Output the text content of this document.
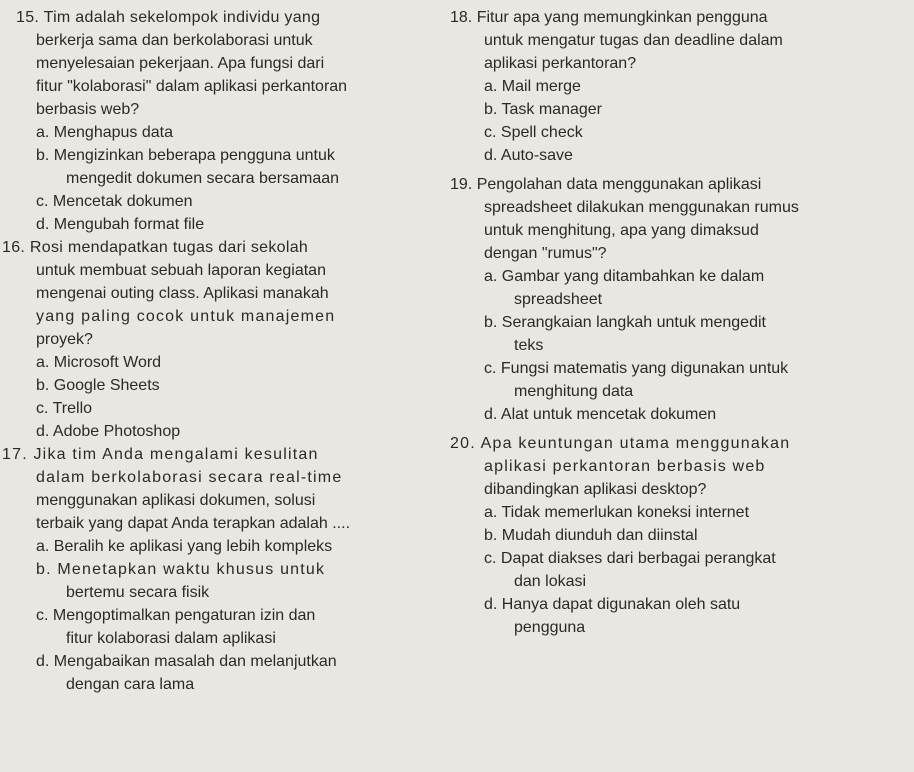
15. Tim adalah sekelompok individu yang
berkerja sama dan berkolaborasi untuk
menyelesaian pekerjaan. Apa fungsi dari
fitur "kolaborasi" dalam aplikasi perkantoran
berbasis web?
a. Menghapus data
b. Mengizinkan beberapa pengguna untuk
mengedit dokumen secara bersamaan
c. Mencetak dokumen
d. Mengubah format file
16. Rosi mendapatkan tugas dari sekolah
untuk membuat sebuah laporan kegiatan
mengenai outing class. Aplikasi manakah
yang paling cocok untuk manajemen
proyek?
a. Microsoft Word
b. Google Sheets
c. Trello
d. Adobe Photoshop
17. Jika tim Anda mengalami kesulitan
dalam berkolaborasi secara real-time
menggunakan aplikasi dokumen, solusi
terbaik yang dapat Anda terapkan adalah ....
a. Beralih ke aplikasi yang lebih kompleks
b. Menetapkan waktu khusus untuk
bertemu secara fisik
c. Mengoptimalkan pengaturan izin dan
fitur kolaborasi dalam aplikasi
d. Mengabaikan masalah dan melanjutkan
dengan cara lama
18. Fitur apa yang memungkinkan pengguna
untuk mengatur tugas dan deadline dalam
aplikasi perkantoran?
a. Mail merge
b. Task manager
c. Spell check
d. Auto-save
19. Pengolahan data menggunakan aplikasi
spreadsheet dilakukan menggunakan rumus
untuk menghitung, apa yang dimaksud
dengan "rumus"?
a. Gambar yang ditambahkan ke dalam
spreadsheet
b. Serangkaian langkah untuk mengedit
teks
c. Fungsi matematis yang digunakan untuk
menghitung data
d. Alat untuk mencetak dokumen
20. Apa keuntungan utama menggunakan
aplikasi perkantoran berbasis web
dibandingkan aplikasi desktop?
a. Tidak memerlukan koneksi internet
b. Mudah diunduh dan diinstal
c. Dapat diakses dari berbagai perangkat
dan lokasi
d. Hanya dapat digunakan oleh satu
pengguna
